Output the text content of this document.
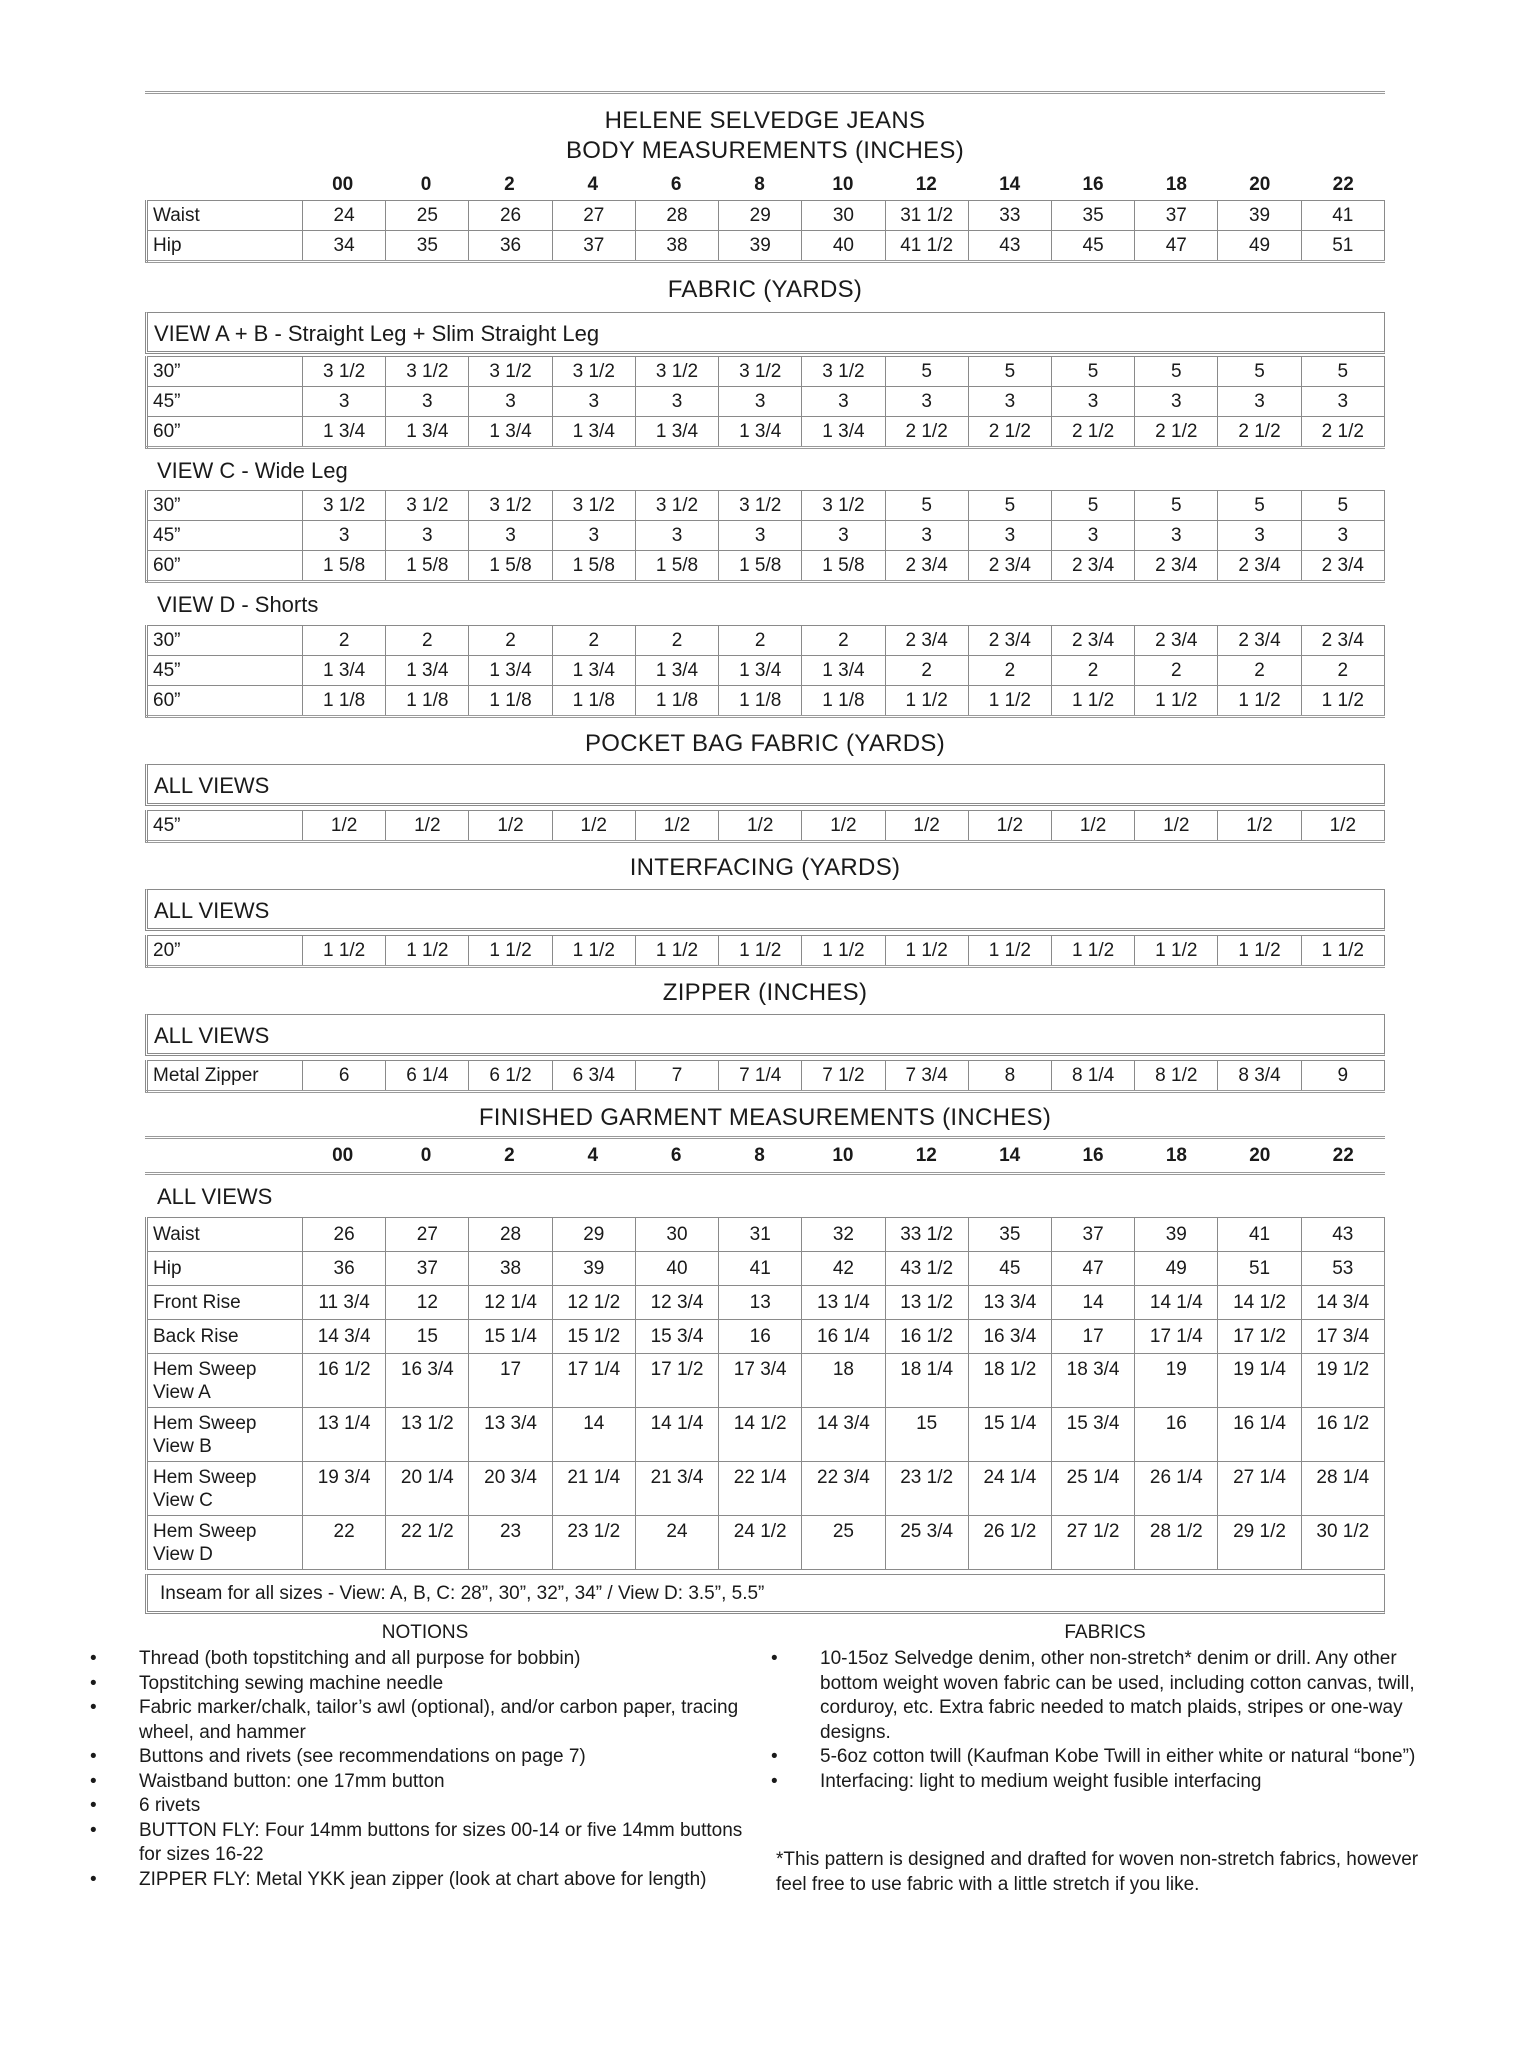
HELENE SELVEDGE JEANS
BODY MEASUREMENTS (INCHES)
	00	0	2	4	6	8	10	12	14	16	18	20	22
Waist	24	25	26	27	28	29	30	31 1/2	33	35	37	39	41
Hip	34	35	36	37	38	39	40	41 1/2	43	45	47	49	51
FABRIC (YARDS)
VIEW A + B - Straight Leg + Slim Straight Leg
30”	3 1/2	3 1/2	3 1/2	3 1/2	3 1/2	3 1/2	3 1/2	5	5	5	5	5	5
45”	3	3	3	3	3	3	3	3	3	3	3	3	3
60”	1 3/4	1 3/4	1 3/4	1 3/4	1 3/4	1 3/4	1 3/4	2 1/2	2 1/2	2 1/2	2 1/2	2 1/2	2 1/2
VIEW C - Wide Leg
30”	3 1/2	3 1/2	3 1/2	3 1/2	3 1/2	3 1/2	3 1/2	5	5	5	5	5	5
45”	3	3	3	3	3	3	3	3	3	3	3	3	3
60”	1 5/8	1 5/8	1 5/8	1 5/8	1 5/8	1 5/8	1 5/8	2 3/4	2 3/4	2 3/4	2 3/4	2 3/4	2 3/4
VIEW D - Shorts
30”	2	2	2	2	2	2	2	2 3/4	2 3/4	2 3/4	2 3/4	2 3/4	2 3/4
45”	1 3/4	1 3/4	1 3/4	1 3/4	1 3/4	1 3/4	1 3/4	2	2	2	2	2	2
60”	1 1/8	1 1/8	1 1/8	1 1/8	1 1/8	1 1/8	1 1/8	1 1/2	1 1/2	1 1/2	1 1/2	1 1/2	1 1/2
POCKET BAG FABRIC (YARDS)
ALL VIEWS
45”	1/2	1/2	1/2	1/2	1/2	1/2	1/2	1/2	1/2	1/2	1/2	1/2	1/2
INTERFACING (YARDS)
ALL VIEWS
20”	1 1/2	1 1/2	1 1/2	1 1/2	1 1/2	1 1/2	1 1/2	1 1/2	1 1/2	1 1/2	1 1/2	1 1/2	1 1/2
ZIPPER (INCHES)
ALL VIEWS
Metal Zipper	6	6 1/4	6 1/2	6 3/4	7	7 1/4	7 1/2	7 3/4	8	8 1/4	8 1/2	8 3/4	9
FINISHED GARMENT MEASUREMENTS (INCHES)
	00	0	2	4	6	8	10	12	14	16	18	20	22
ALL VIEWS
Waist	26	27	28	29	30	31	32	33 1/2	35	37	39	41	43
Hip	36	37	38	39	40	41	42	43 1/2	45	47	49	51	53
Front Rise	11 3/4	12	12 1/4	12 1/2	12 3/4	13	13 1/4	13 1/2	13 3/4	14	14 1/4	14 1/2	14 3/4
Back Rise	14 3/4	15	15 1/4	15 1/2	15 3/4	16	16 1/4	16 1/2	16 3/4	17	17 1/4	17 1/2	17 3/4
Hem Sweep View A	16 1/2	16 3/4	17	17 1/4	17 1/2	17 3/4	18	18 1/4	18 1/2	18 3/4	19	19 1/4	19 1/2
Hem Sweep View B	13 1/4	13 1/2	13 3/4	14	14 1/4	14 1/2	14 3/4	15	15 1/4	15 3/4	16	16 1/4	16 1/2
Hem Sweep View C	19 3/4	20 1/4	20 3/4	21 1/4	21 3/4	22 1/4	22 3/4	23 1/2	24 1/4	25 1/4	26 1/4	27 1/4	28 1/4
Hem Sweep View D	22	22 1/2	23	23 1/2	24	24 1/2	25	25 3/4	26 1/2	27 1/2	28 1/2	29 1/2	30 1/2
Inseam for all sizes - View: A, B, C: 28”, 30”, 32”, 34” / View D: 3.5”, 5.5”
NOTIONS
• Thread (both topstitching and all purpose for bobbin)
• Topstitching sewing machine needle
• Fabric marker/chalk, tailor’s awl (optional), and/or carbon paper, tracing wheel, and hammer
• Buttons and rivets (see recommendations on page 7)
• Waistband button: one 17mm button
• 6 rivets
• BUTTON FLY: Four 14mm buttons for sizes 00-14 or five 14mm buttons for sizes 16-22
• ZIPPER FLY: Metal YKK jean zipper (look at chart above for length)
FABRICS
• 10-15oz Selvedge denim, other non-stretch* denim or drill. Any other bottom weight woven fabric can be used, including cotton canvas, twill, corduroy, etc. Extra fabric needed to match plaids, stripes or one-way designs.
• 5-6oz cotton twill (Kaufman Kobe Twill in either white or natural “bone”)
• Interfacing: light to medium weight fusible interfacing
*This pattern is designed and drafted for woven non-stretch fabrics, however feel free to use fabric with a little stretch if you like.
